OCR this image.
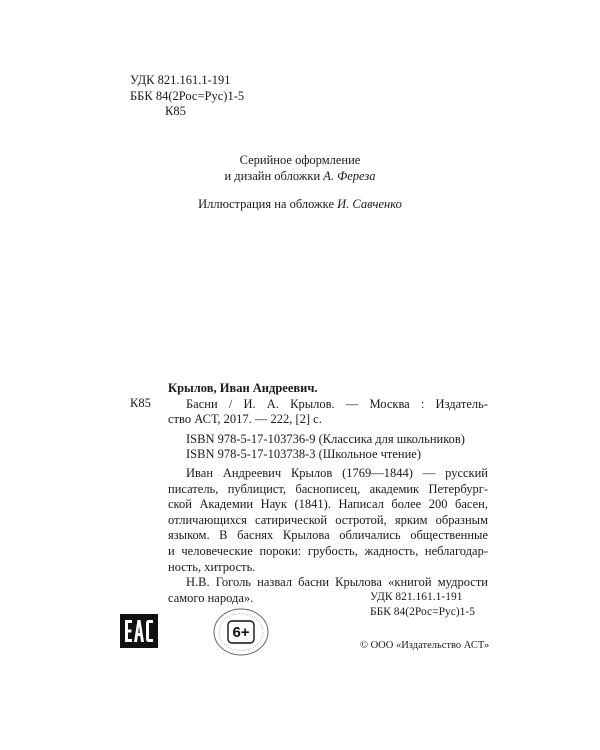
УДК 821.161.1-191
ББК 84(2Рос=Рус)1-5
К85
Серийное оформление
и дизайн обложки А. Фереза
Иллюстрация на обложке И. Савченко
Крылов, Иван Андреевич.
Басни / И. А. Крылов. — Москва : Издатель-
ство АСТ, 2017. — 222, [2] с.
ISBN 978-5-17-103736-9 (Классика для школьников)
ISBN 978-5-17-103738-3 (Школьное чтение)
К85
Иван Андреевич Крылов (1769—1844) — русский
писатель, публицист, баснописец, академик Петербург-
ской Академии Наук (1841). Написал более 200 басен,
отличающихся сатирической остротой, ярким образным
языком. В баснях Крылова обличались общественные
и человеческие пороки: грубость, жадность, неблагодар-
ность, хитрость.
Н.В. Гоголь назвал басни Крылова «книгой мудрости
самого народа».	УДК 821.161.1-191
ББК 84(2Рос=Рус)1-5
6+
© ООО «Издательство АСТ»
